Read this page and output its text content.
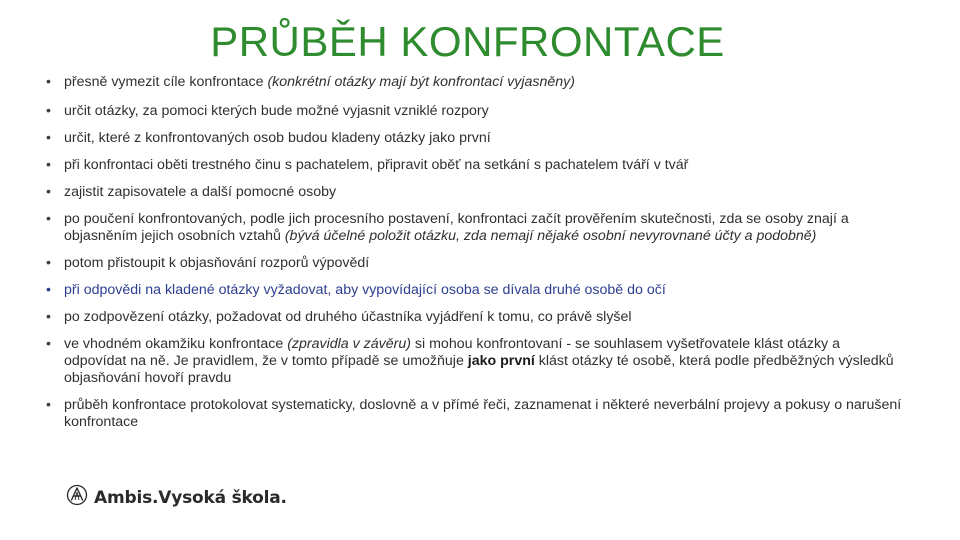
PRŮBĚH KONFRONTACE
• přesně vymezit cíle konfrontace (konkrétní otázky mají být konfrontací vyjasněny)
• určit otázky, za pomoci kterých bude možné vyjasnit vzniklé rozpory
• určit, které z konfrontovaných osob budou kladeny otázky jako první
• při konfrontaci oběti trestného činu s pachatelem, připravit oběť na setkání s pachatelem tváří v tvář
• zajistit zapisovatele a další pomocné osoby
• po poučení konfrontovaných, podle jich procesního postavení, konfrontaci začít prověřením skutečnosti, zda se osoby znají a objasněním jejich osobních vztahů (bývá účelné položit otázku, zda nemají nějaké osobní nevyrovnané účty a podobně)
• potom přistoupit k objasňování rozporů výpovědí
• při odpovědi na kladené otázky vyžadovat, aby vypovídající osoba se dívala druhé osobě do očí
• po zodpovězení otázky, požadovat od druhého účastníka vyjádření k tomu, co právě slyšel
• ve vhodném okamžiku konfrontace (zpravidla v závěru) si mohou konfrontovaní - se souhlasem vyšetřovatele klást otázky a odpovídat na ně. Je pravidlem, že v tomto případě se umožňuje jako první klást otázky té osobě, která podle předběžných výsledků objasňování hovoří pravdu
• průběh konfrontace protokolovat systematicky, doslovně a v přímé řeči, zaznamenat i některé neverbální projevy a pokusy o narušení konfrontace
Ambis.Vysoká škola.
